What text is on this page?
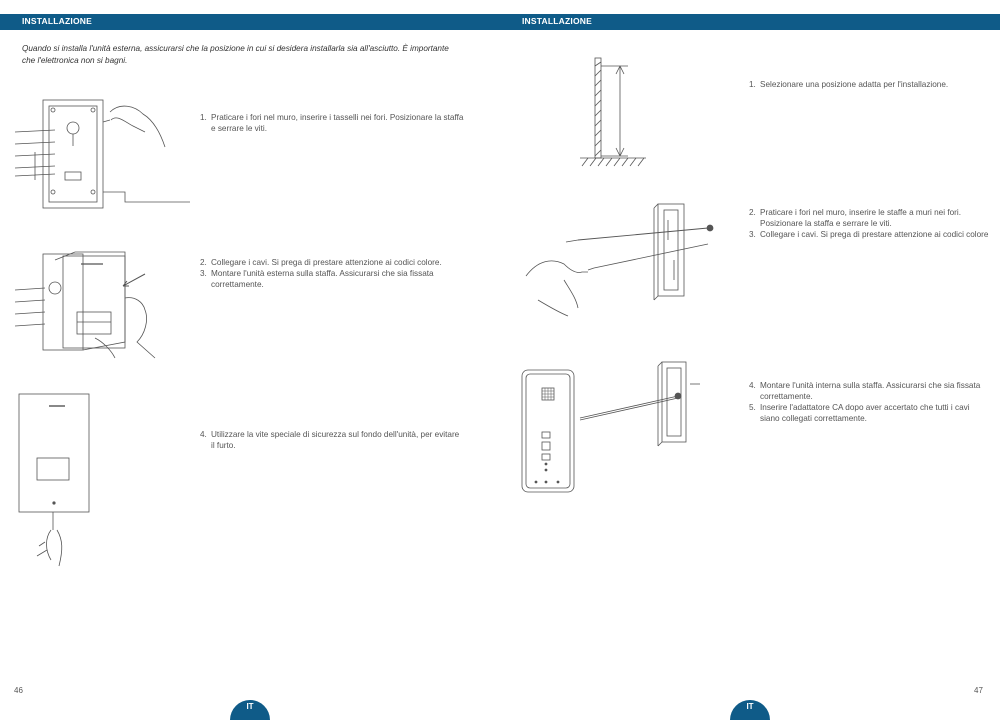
INSTALLAZIONE
Quando si installa l'unità esterna, assicurarsi che la posizione in cui si desidera installarla sia all'asciutto. È importante che l'elettronica non si bagni.
1. Praticare i fori nel muro, inserire i tasselli nei fori. Posizionare la staffa e serrare le viti.
2. Collegare i cavi. Si prega di prestare attenzione ai codici colore.
3. Montare l'unità esterna sulla staffa. Assicurarsi che sia fissata correttamente.
4. Utilizzare la vite speciale di sicurezza sul fondo dell'unità, per evitare il furto.
46
IT
INSTALLAZIONE
1. Selezionare una posizione adatta per l'installazione.
2. Praticare i fori nel muro, inserire le staffe a muri nei fori. Posizionare la staffa e serrare le viti.
3. Collegare i cavi. Si prega di prestare attenzione ai codici colore
4. Montare l'unità interna sulla staffa. Assicurarsi che sia fissata correttamente.
5. Inserire l'adattatore CA dopo aver accertato che tutti i cavi siano collegati correttamente.
47
IT
